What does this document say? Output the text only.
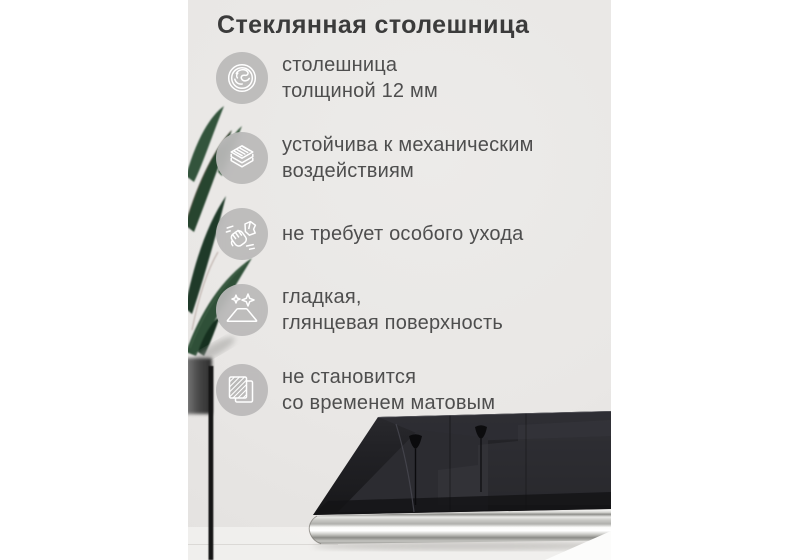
Стеклянная столешница
столешница
толщиной 12 мм
устойчива к механическим
воздействиям
не требует особого ухода
гладкая,
глянцевая поверхность
не становится
со временем матовым
